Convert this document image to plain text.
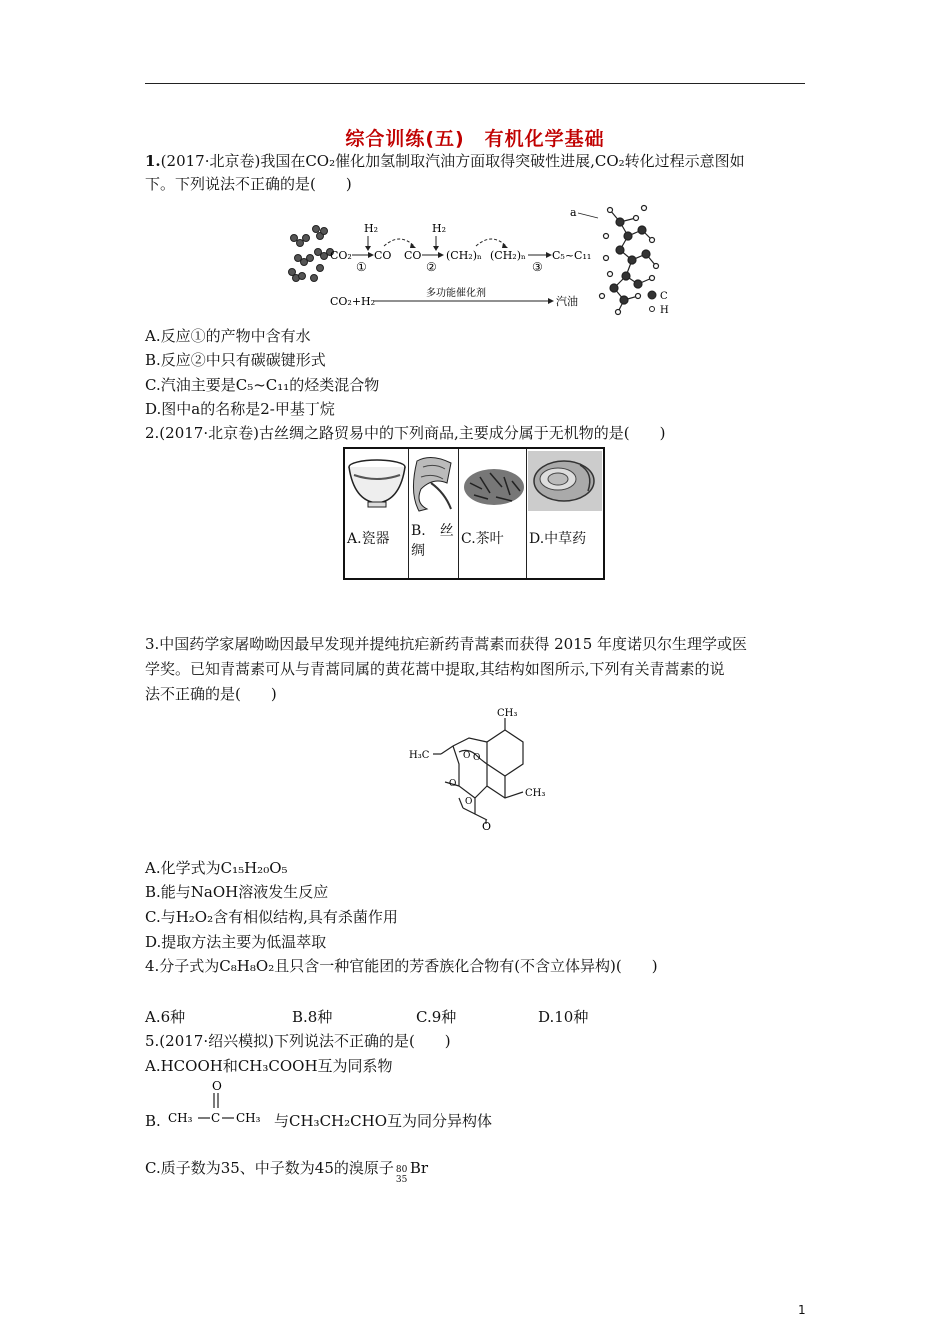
综合训练(五)　有机化学基础
1.(2017·北京卷)我国在CO₂催化加氢制取汽油方面取得突破性进展,CO₂转化过程示意图如
下。下列说法不正确的是(　　)
H₂	H₂
CO₂
①
CO CO
②
(CH₂)ₙ (CH₂)ₙ
③
C₅~C₁₁
CO₂+H₂
多功能催化剂
汽油
a
C
H
A.反应①的产物中含有水
B.反应②中只有碳碳键形式
C.汽油主要是C₅~C₁₁的烃类混合物
D.图中a的名称是2-甲基丁烷
2.(2017·北京卷)古丝绸之路贸易中的下列商品,主要成分属于无机物的是(　　)
A.瓷器 B.　丝绸
C.茶叶 D.中草药
3.中国药学家屠呦呦因最早发现并提纯抗疟新药青蒿素而获得 2015 年度诺贝尔生理学或医
学奖。已知青蒿素可从与青蒿同属的黄花蒿中提取,其结构如图所示,下列有关青蒿素的说
法不正确的是(　　)
CH₃
H₃C
CH₃
O
O O
O
O
A.化学式为C₁₅H₂₀O₅
B.能与NaOH溶液发生反应
C.与H₂O₂含有相似结构,具有杀菌作用
D.提取方法主要为低温萃取
4.分子式为C₈H₈O₂且只含一种官能团的芳香族化合物有(不含立体异构)(　　)
A.6种	B.8种	C.9种	D.10种
5.(2017·绍兴模拟)下列说法不正确的是(　　)
A.HCOOH和CH₃COOH互为同系物
B.
O
CH₃ C CH₃ 与CH₃CH₂CHO互为同分异构体
C.质子数为35、中子数为45的溴原子 80
35
Br
1
